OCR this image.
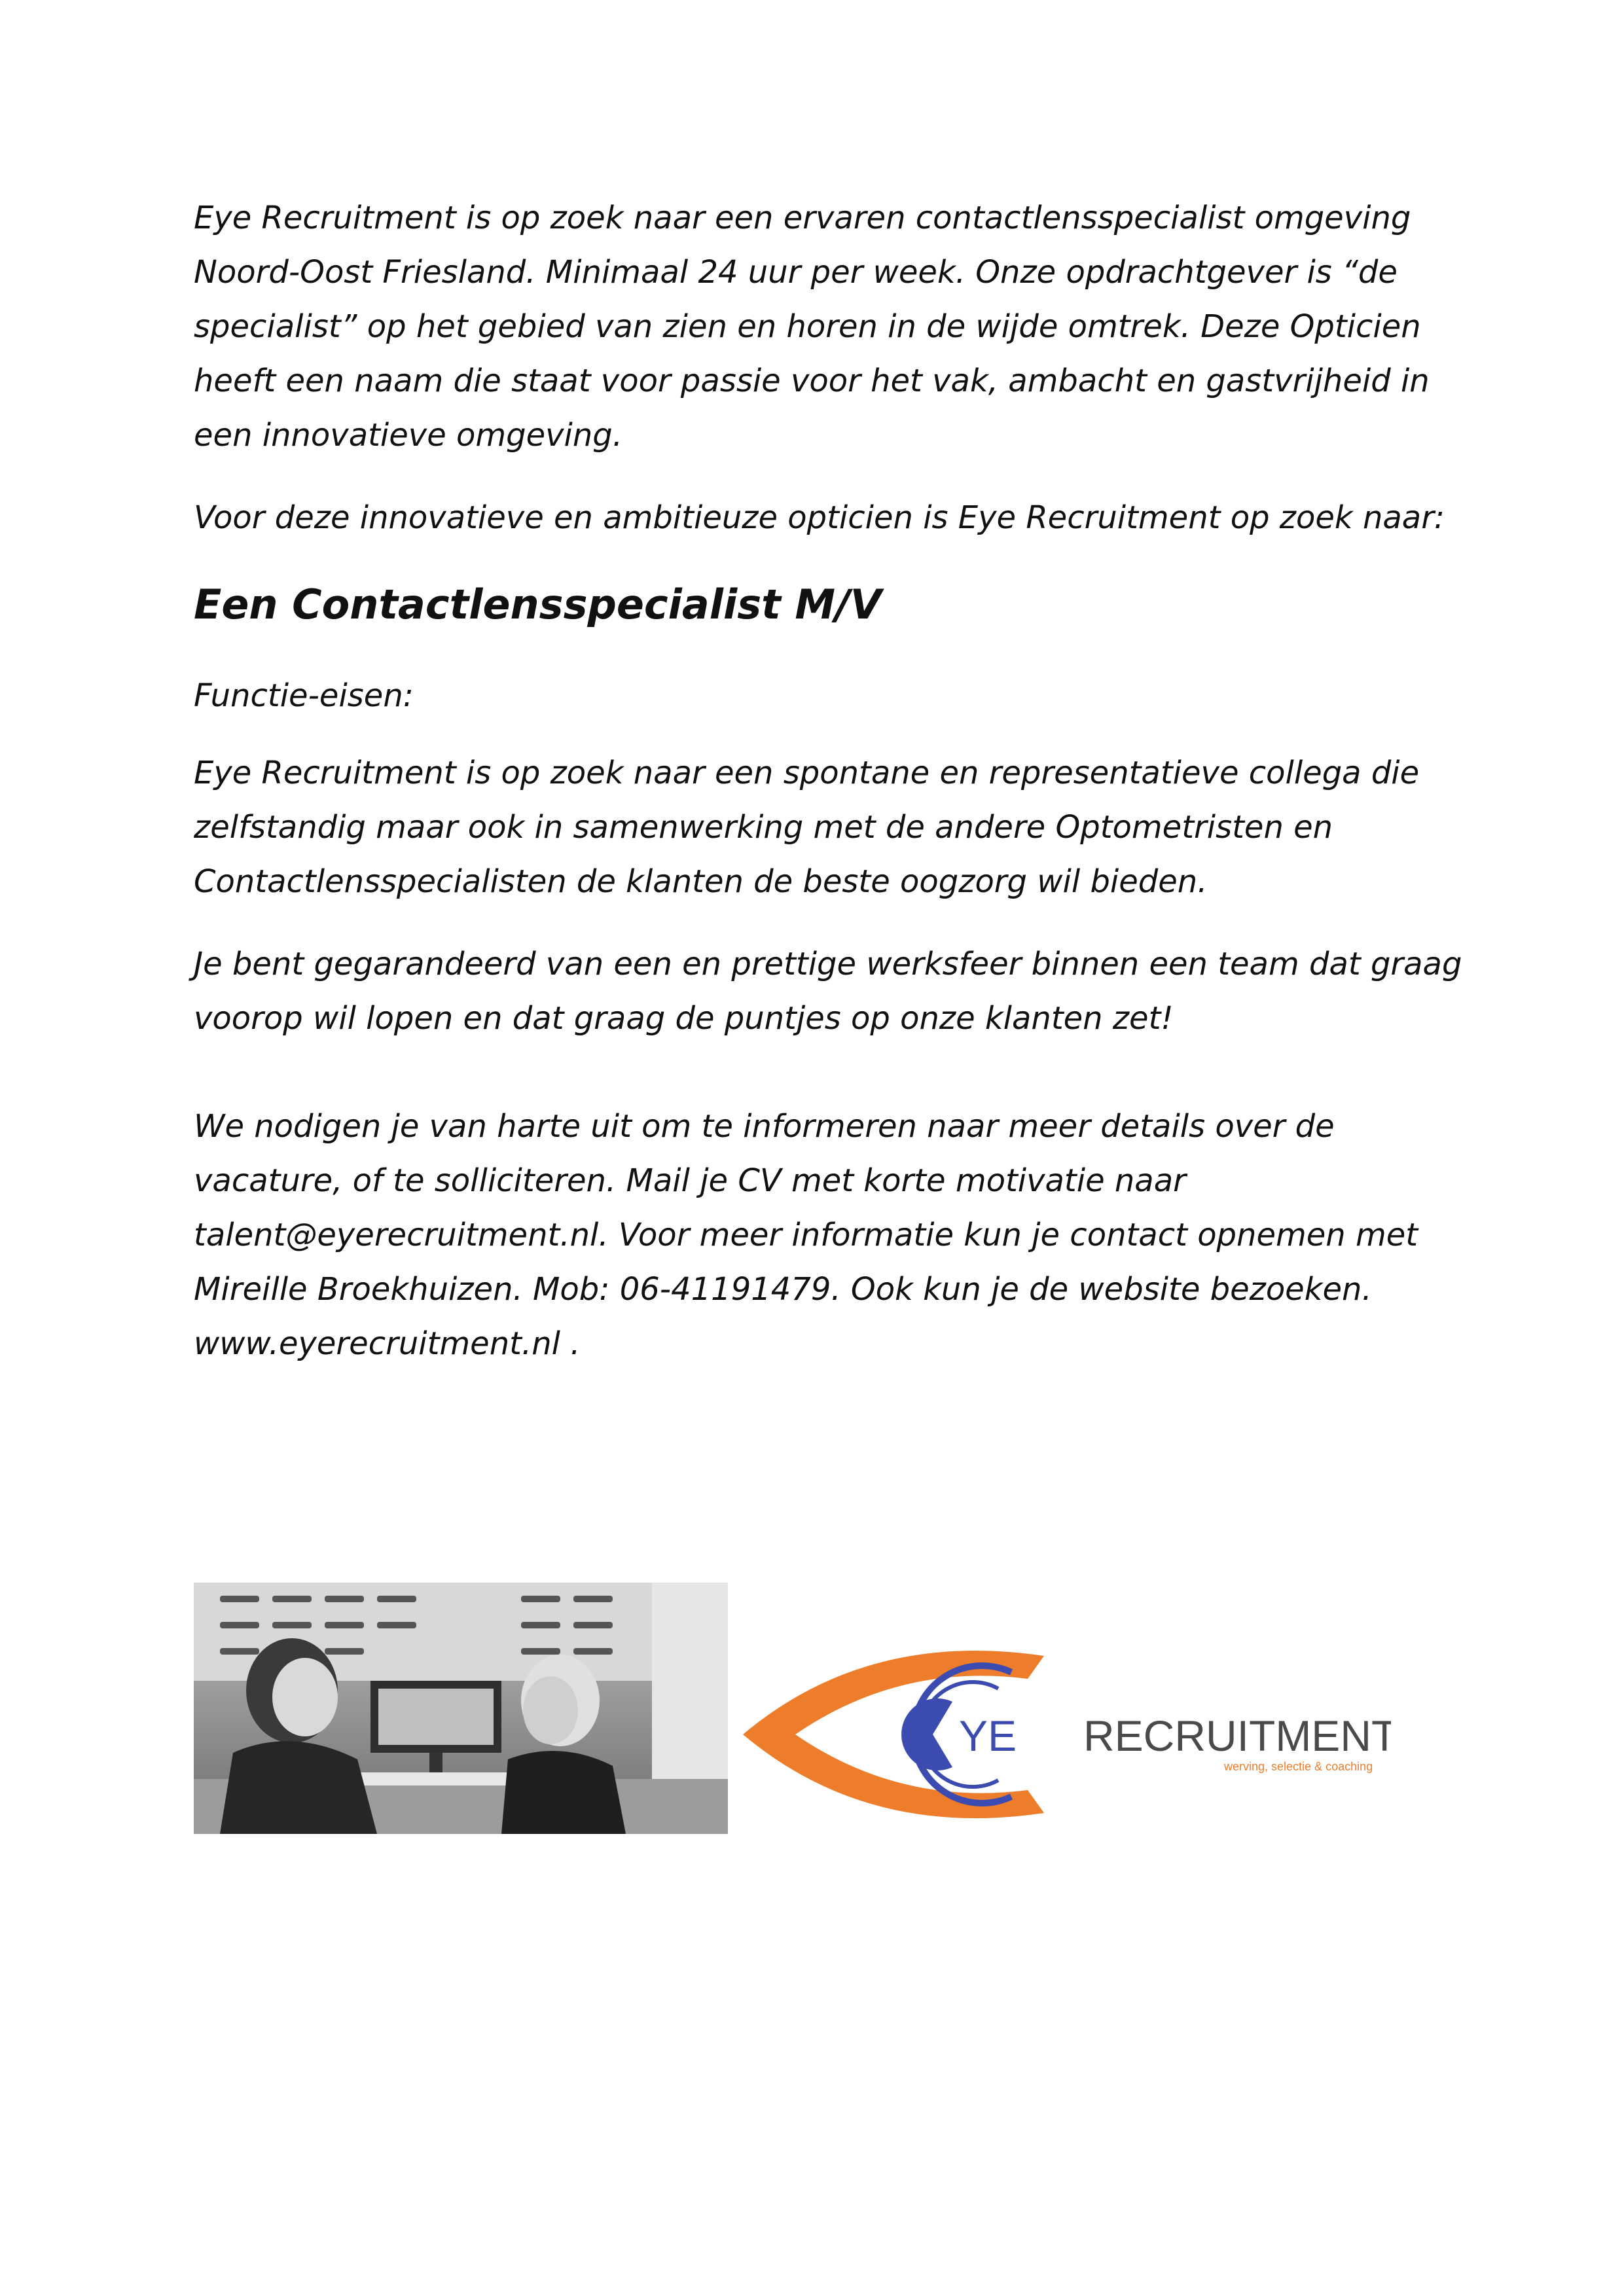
Eye Recruitment is op zoek naar een ervaren contactlensspecialist omgeving

Noord-Oost Friesland. Minimaal 24 uur per week. Onze opdrachtgever is “de

specialist” op het gebied van zien en horen in de wijde omtrek. Deze Opticien

heeft een naam die staat voor passie voor het vak, ambacht en gastvrijheid in

een innovatieve omgeving.

Voor deze innovatieve en ambitieuze opticien is Eye Recruitment op zoek naar:

Een Contactlensspecialist M/V

Functie-eisen:

Eye Recruitment is op zoek naar een spontane en representatieve collega die

zelfstandig maar ook in samenwerking met de andere Optometristen en

Contactlensspecialisten de klanten de beste oogzorg wil bieden.

Je bent gegarandeerd van een en prettige werksfeer binnen een team dat graag

voorop wil lopen en dat graag de puntjes op onze klanten zet!

We nodigen je van harte uit om te informeren naar meer details over de

vacature, of te solliciteren. Mail je CV met korte motivatie naar

talent@eyerecruitment.nl. Voor meer informatie kun je contact opnemen met

Mireille Broekhuizen. Mob: 06-41191479. Ook kun je de website bezoeken.

www.eyerecruitment.nl .

YE RECRUITMENT
werving, selectie & coaching
